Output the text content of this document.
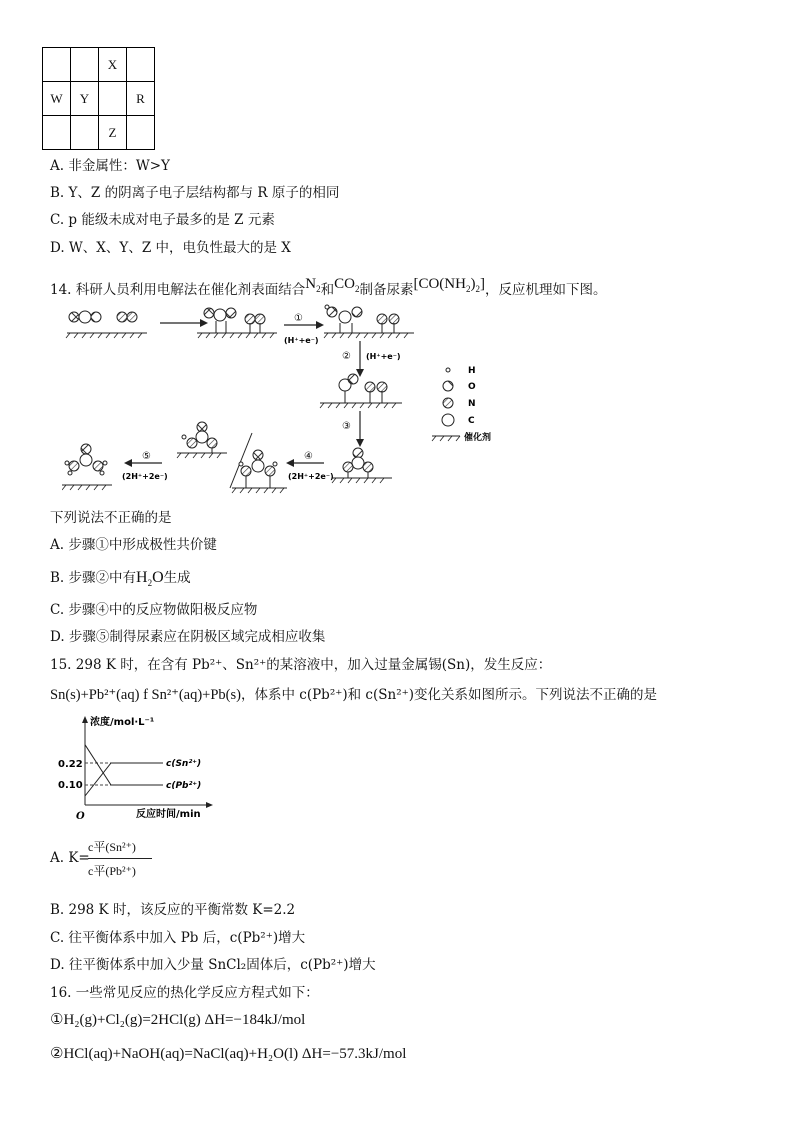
		X	
W	Y		R
		Z	
A. 非金属性：W>Y
B. Y、Z 的阴离子电子层结构都与 R 原子的相同
C. p 能级未成对电子最多的是 Z 元素
D. W、X、Y、Z 中，电负性最大的是 X
14. 科研人员利用电解法在催化剂表面结合$N_2$和$CO_2$制备尿素$[CO(NH_2)_2]$，反应机理如下图。
①
(H⁺+e⁻)
② (H⁺+e⁻)
③
④
(2H⁺+2e⁻)
⑤
(2H⁺+2e⁻)
H
O
N
C
催化剂
下列说法不正确的是
A. 步骤①中形成极性共价键
B. 步骤②中有$H_2O$生成
C. 步骤④中的反应物做阳极反应物
D. 步骤⑤制得尿素应在阴极区域完成相应收集
15. 298 K 时，在含有 Pb²⁺、Sn²⁺的某溶液中，加入过量金属锡(Sn)，发生反应：
Sn(s)+Pb²⁺(aq) f Sn²⁺(aq)+Pb(s)，体系中 c(Pb²⁺)和 c(Sn²⁺)变化关系如图所示。下列说法不正确的是
浓度/mol·L⁻¹
反应时间/min
O
0.22
0.10
c(Sn²⁺)
c(Pb²⁺)
A. K=
c平(Sn²⁺)
c平(Pb²⁺)
B. 298 K 时，该反应的平衡常数 K=2.2
C. 往平衡体系中加入 Pb 后，c(Pb²⁺)增大
D. 往平衡体系中加入少量 SnCl₂固体后，c(Pb²⁺)增大
16. 一些常见反应的热化学反应方程式如下：
①H₂(g)+Cl₂(g)=2HCl(g) ΔH=−184kJ/mol
②HCl(aq)+NaOH(aq)=NaCl(aq)+H₂O(l) ΔH=−57.3kJ/mol
